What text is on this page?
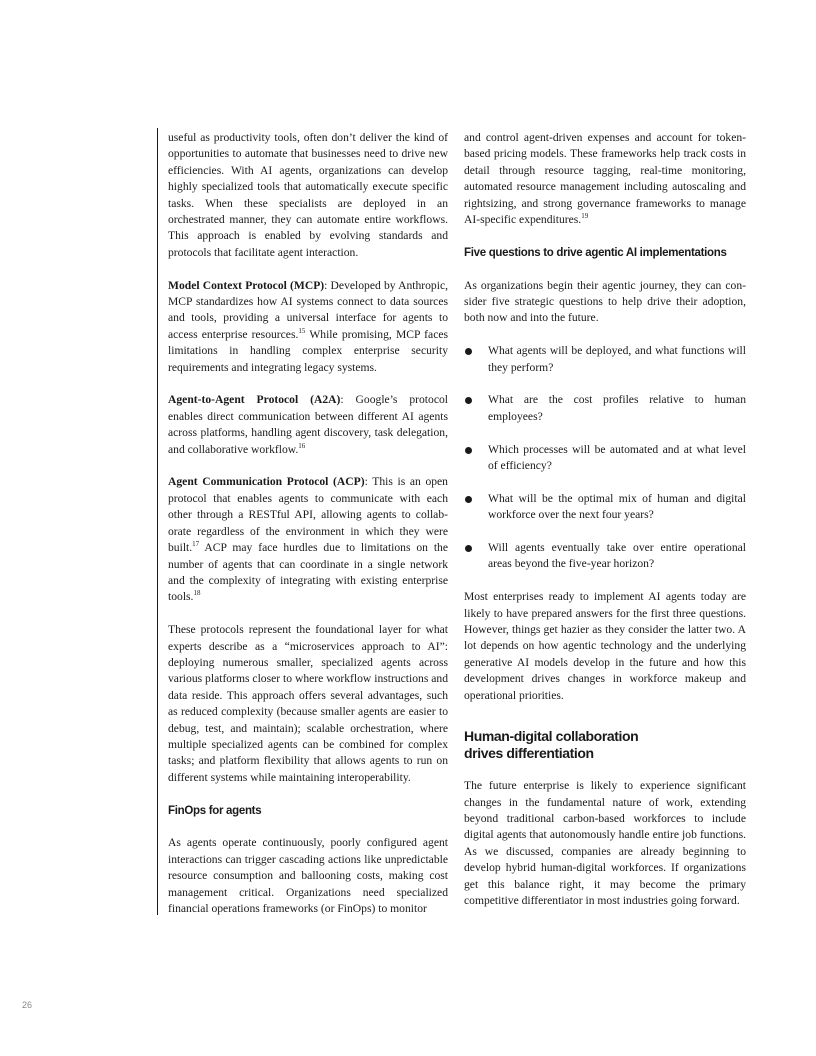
useful as productivity tools, often don’t deliver the kind of opportunities to automate that businesses need to drive new efficiencies. With AI agents, organizations can develop highly specialized tools that automatically execute specific tasks. When these specialists are deployed in an orchestrated manner, they can automate entire workflows. This approach is enabled by evolving standards and protocols that facilitate agent interaction.

Model Context Protocol (MCP): Developed by Anthropic, MCP standardizes how AI systems connect to data sources and tools, providing a universal interface for agents to access enterprise resources.$^{15}$ While promising, MCP faces limitations in handling complex enterprise security requirements and integrating legacy systems.

Agent-to-Agent Protocol (A2A): Google’s protocol enables direct communication between different AI agents across platforms, handling agent discovery, task delegation, and collaborative workflow.$^{16}$

Agent Communication Protocol (ACP): This is an open protocol that enables agents to communicate with each other through a RESTful API, allowing agents to collaborate regardless of the environment in which they were built.$^{17}$ ACP may face hurdles due to limitations on the number of agents that can coordinate in a single network and the complexity of integrating with existing enterprise tools.$^{18}$

These protocols represent the foundational layer for what experts describe as a “microservices approach to AI”: deploying numerous smaller, specialized agents across various platforms closer to where workflow instructions and data reside. This approach offers several advantages, such as reduced complexity (because smaller agents are easier to debug, test, and maintain); scalable orchestration, where multiple specialized agents can be combined for complex tasks; and platform flexibility that allows agents to run on different systems while maintaining interoperability.

FinOps for agents

As agents operate continuously, poorly configured agent interactions can trigger cascading actions like unpredictable resource consumption and ballooning costs, making cost management critical. Organizations need specialized financial operations frameworks (or FinOps) to monitor

and control agent-driven expenses and account for token-based pricing models. These frameworks help track costs in detail through resource tagging, real-time monitoring, automated resource management including autoscaling and rightsizing, and strong governance frameworks to manage AI-specific expenditures.$^{19}$

Five questions to drive agentic AI implementations

As organizations begin their agentic journey, they can consider five strategic questions to help drive their adoption, both now and into the future.

What agents will be deployed, and what functions will they perform?
What are the cost profiles relative to human employees?
Which processes will be automated and at what level of efficiency?
What will be the optimal mix of human and digital workforce over the next four years?
Will agents eventually take over entire operational areas beyond the five-year horizon?

Most enterprises ready to implement AI agents today are likely to have prepared answers for the first three questions. However, things get hazier as they consider the latter two. A lot depends on how agentic technology and the underlying generative AI models develop in the future and how this development drives changes in workforce makeup and operational priorities.

Human-digital collaboration
drives differentiation

The future enterprise is likely to experience significant changes in the fundamental nature of work, extending beyond traditional carbon-based workforces to include digital agents that autonomously handle entire job functions. As we discussed, companies are already beginning to develop hybrid human-digital workforces. If organizations get this balance right, it may become the primary competitive differentiator in most industries going forward.

26
